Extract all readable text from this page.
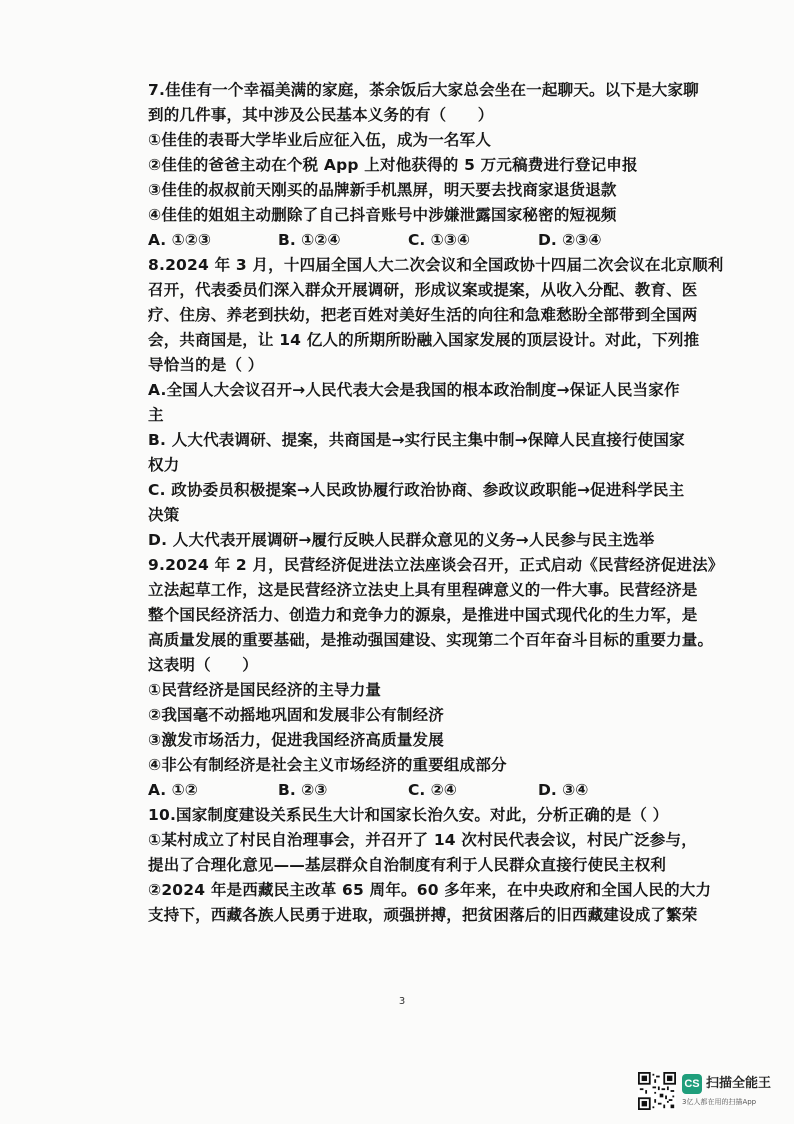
7.佳佳有一个幸福美满的家庭，茶余饭后大家总会坐在一起聊天。以下是大家聊
到的几件事，其中涉及公民基本义务的有（　　）
①佳佳的表哥大学毕业后应征入伍，成为一名军人
②佳佳的爸爸主动在个税 App 上对他获得的 5 万元稿费进行登记申报
③佳佳的叔叔前天刚买的品牌新手机黑屏，明天要去找商家退货退款
④佳佳的姐姐主动删除了自己抖音账号中涉嫌泄露国家秘密的短视频
A. ①②③	B. ①②④	C. ①③④	D. ②③④
8.2024 年 3 月，十四届全国人大二次会议和全国政协十四届二次会议在北京顺利
召开，代表委员们深入群众开展调研，形成议案或提案，从收入分配、教育、医
疗、住房、养老到扶幼，把老百姓对美好生活的向往和急难愁盼全部带到全国两
会，共商国是，让 14 亿人的所期所盼融入国家发展的顶层设计。对此，下列推
导恰当的是（ ）
A.全国人大会议召开→人民代表大会是我国的根本政治制度→保证人民当家作
主
B. 人大代表调研、提案，共商国是→实行民主集中制→保障人民直接行使国家
权力
C. 政协委员积极提案→人民政协履行政治协商、参政议政职能→促进科学民主
决策
D. 人大代表开展调研→履行反映人民群众意见的义务→人民参与民主选举
9.2024 年 2 月，民营经济促进法立法座谈会召开，正式启动《民营经济促进法》
立法起草工作，这是民营经济立法史上具有里程碑意义的一件大事。民营经济是
整个国民经济活力、创造力和竞争力的源泉，是推进中国式现代化的生力军，是
高质量发展的重要基础，是推动强国建设、实现第二个百年奋斗目标的重要力量。
这表明（　　）
①民营经济是国民经济的主导力量
②我国毫不动摇地巩固和发展非公有制经济
③激发市场活力，促进我国经济高质量发展
④非公有制经济是社会主义市场经济的重要组成部分
A. ①②	B. ②③	C. ②④	D. ③④
10.国家制度建设关系民生大计和国家长治久安。对此，分析正确的是（ ）
①某村成立了村民自治理事会，并召开了 14 次村民代表会议，村民广泛参与，
提出了合理化意见——基层群众自治制度有利于人民群众直接行使民主权利
②2024 年是西藏民主改革 65 周年。60 多年来，在中央政府和全国人民的大力
支持下，西藏各族人民勇于进取，顽强拼搏，把贫困落后的旧西藏建设成了繁荣
3
CS 扫描全能王
3亿人都在用的扫描App
